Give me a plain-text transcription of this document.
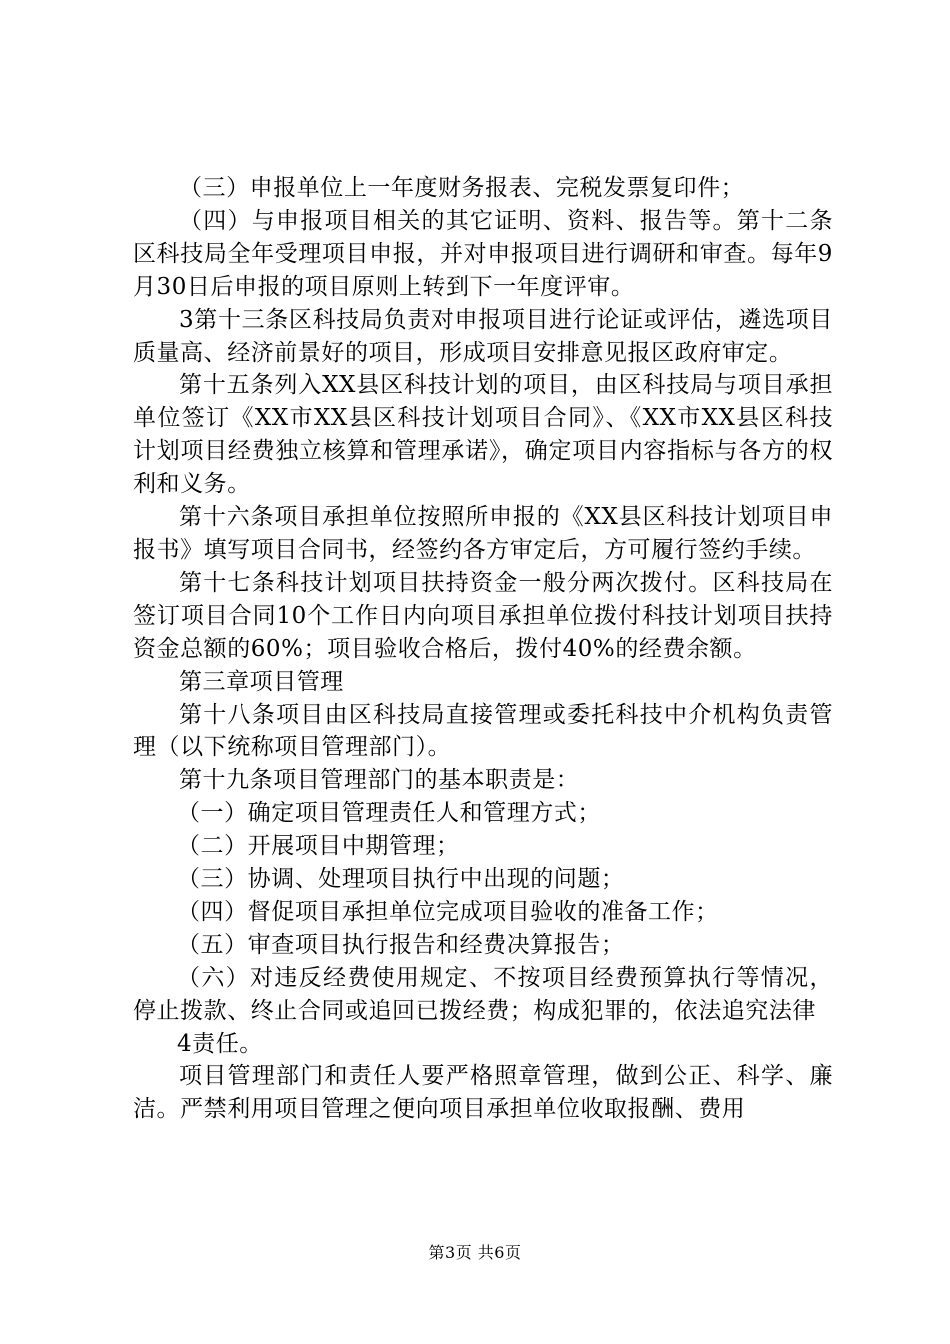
（三）申报单位上一年度财务报表、完税发票复印件；

（四）与申报项目相关的其它证明、资料、报告等。第十二条区科技局全年受理项目申报，并对申报项目进行调研和审查。每年9月30日后申报的项目原则上转到下一年度评审。

3第十三条区科技局负责对申报项目进行论证或评估，遴选项目质量高、经济前景好的项目，形成项目安排意见报区政府审定。

第十五条列入XX县区科技计划的项目，由区科技局与项目承担单位签订《XX市XX县区科技计划项目合同》、《XX市XX县区科技计划项目经费独立核算和管理承诺》，确定项目内容指标与各方的权利和义务。

第十六条项目承担单位按照所申报的《XX县区科技计划项目申报书》填写项目合同书，经签约各方审定后，方可履行签约手续。

第十七条科技计划项目扶持资金一般分两次拨付。区科技局在签订项目合同10个工作日内向项目承担单位拨付科技计划项目扶持资金总额的60%；项目验收合格后，拨付40%的经费余额。

第三章项目管理

第十八条项目由区科技局直接管理或委托科技中介机构负责管理（以下统称项目管理部门）。

第十九条项目管理部门的基本职责是：

（一）确定项目管理责任人和管理方式；

（二）开展项目中期管理；

（三）协调、处理项目执行中出现的问题；

（四）督促项目承担单位完成项目验收的准备工作；

（五）审查项目执行报告和经费决算报告；

（六）对违反经费使用规定、不按项目经费预算执行等情况，停止拨款、终止合同或追回已拨经费；构成犯罪的，依法追究法律

4责任。

项目管理部门和责任人要严格照章管理，做到公正、科学、廉洁。严禁利用项目管理之便向项目承担单位收取报酬、费用

第3页 共6页
